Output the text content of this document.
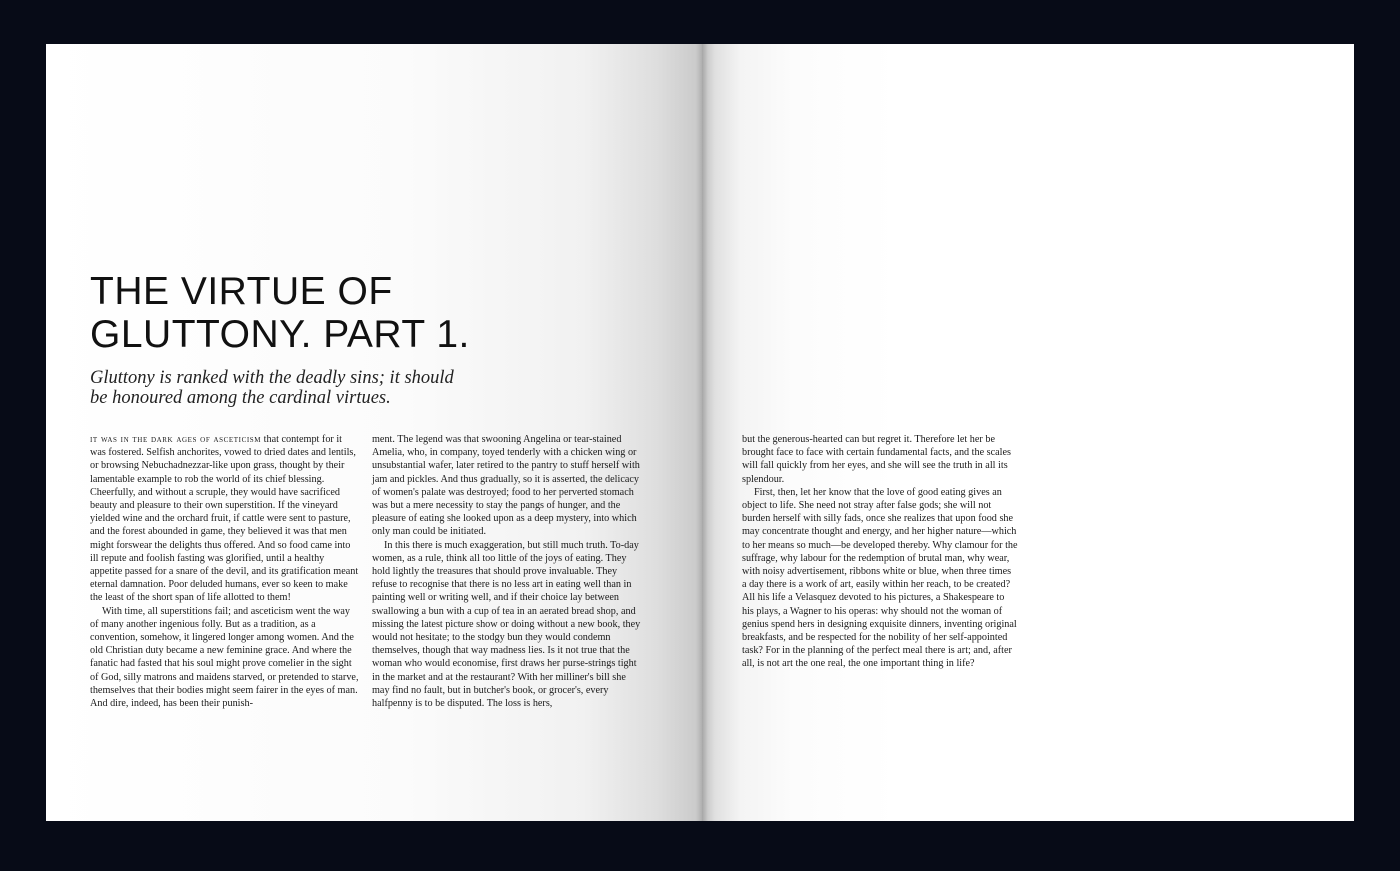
THE VIRTUE OF
GLUTTONY. PART 1.

Gluttony is ranked with the deadly sins; it should be honoured among the cardinal virtues.

it was in the dark ages of asceticism that contempt for it was fostered. Selfish anchorites, vowed to dried dates and lentils, or browsing Nebuchadnezzar-like upon grass, thought by their lamentable example to rob the world of its chief blessing. Cheerfully, and without a scruple, they would have sacrificed beauty and pleasure to their own superstition. If the vineyard yielded wine and the orchard fruit, if cattle were sent to pasture, and the forest abounded in game, they believed it was that men might forswear the delights thus offered. And so food came into ill repute and foolish fasting was glorified, until a healthy appetite passed for a snare of the devil, and its gratification meant eternal damnation. Poor deluded humans, ever so keen to make the least of the short span of life allotted to them!

With time, all superstitions fail; and asceticism went the way of many another ingenious folly. But as a tradition, as a convention, somehow, it lingered longer among women. And the old Christian duty became a new feminine grace. And where the fanatic had fasted that his soul might prove comelier in the sight of God, silly matrons and maidens starved, or pretended to starve, themselves that their bodies might seem fairer in the eyes of man. And dire, indeed, has been their punish-

ment. The legend was that swooning Angelina or tear-stained Amelia, who, in company, toyed tenderly with a chicken wing or unsubstantial wafer, later retired to the pantry to stuff herself with jam and pickles. And thus gradually, so it is asserted, the delicacy of women's palate was destroyed; food to her perverted stomach was but a mere necessity to stay the pangs of hunger, and the pleasure of eating she looked upon as a deep mystery, into which only man could be initiated.

In this there is much exaggeration, but still much truth. To-day women, as a rule, think all too little of the joys of eating. They hold lightly the treasures that should prove invaluable. They refuse to recognise that there is no less art in eating well than in painting well or writing well, and if their choice lay between swallowing a bun with a cup of tea in an aerated bread shop, and missing the latest picture show or doing without a new book, they would not hesitate; to the stodgy bun they would condemn themselves, though that way madness lies. Is it not true that the woman who would economise, first draws her purse-strings tight in the market and at the restaurant? With her milliner's bill she may find no fault, but in butcher's book, or grocer's, every halfpenny is to be disputed. The loss is hers,

but the generous-hearted can but regret it. Therefore let her be brought face to face with certain fundamental facts, and the scales will fall quickly from her eyes, and she will see the truth in all its splendour.

First, then, let her know that the love of good eating gives an object to life. She need not stray after false gods; she will not burden herself with silly fads, once she realizes that upon food she may concentrate thought and energy, and her higher nature—which to her means so much—be developed thereby. Why clamour for the suffrage, why labour for the redemption of brutal man, why wear, with noisy advertisement, ribbons white or blue, when three times a day there is a work of art, easily within her reach, to be created? All his life a Velasquez devoted to his pictures, a Shakespeare to his plays, a Wagner to his operas: why should not the woman of genius spend hers in designing exquisite dinners, inventing original breakfasts, and be respected for the nobility of her self-appointed task? For in the planning of the perfect meal there is art; and, after all, is not art the one real, the one important thing in life?
